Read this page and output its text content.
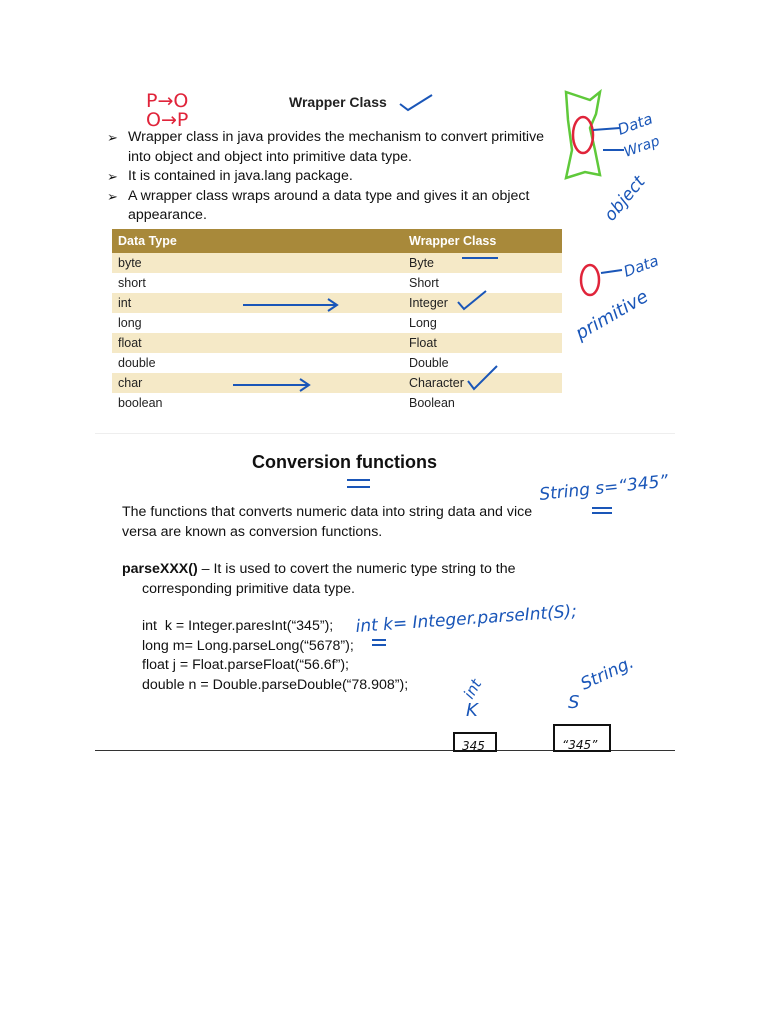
Wrapper Class
➢ Wrapper class in java provides the mechanism to convert primitive into object and object into primitive data type.
➢ It is contained in java.lang package.
➢ A wrapper class wraps around a data type and gives it an object appearance.
Data Type	Wrapper Class
byte	Byte
short	Short
int	Integer
long	Long
float	Float
double	Double
char	Character
boolean	Boolean
Conversion functions
The functions that converts numeric data into string data and vice versa are known as conversion functions.
parseXXX() – It is used to covert the numeric type string to the
corresponding primitive data type.
int  k = Integer.paresInt(“345”);
long m= Long.parseLong(“5678”);
float j = Float.parseFloat(“56.6f”);
double n = Double.parseDouble(“78.908”);
P→O
O→P	Data
Wrap
object
Data
primitive
String s=“345”
int k= Integer.parseInt(S);
int
K
String.
S
345	“345”
